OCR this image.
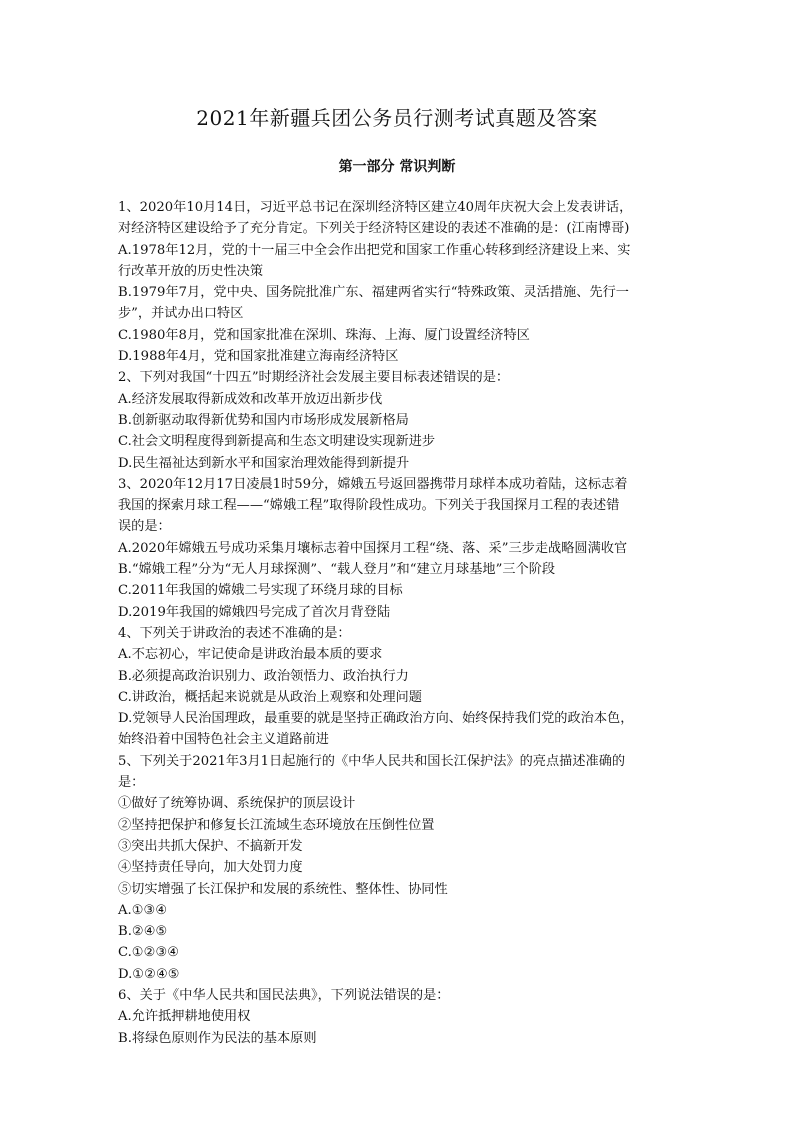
2021年新疆兵团公务员行测考试真题及答案
第一部分 常识判断
1、2020年10月14日，习近平总书记在深圳经济特区建立40周年庆祝大会上发表讲话，
对经济特区建设给予了充分肯定。下列关于经济特区建设的表述不准确的是：(江南博哥)
A.1978年12月，党的十一届三中全会作出把党和国家工作重心转移到经济建设上来、实
行改革开放的历史性决策
B.1979年7月，党中央、国务院批准广东、福建两省实行“特殊政策、灵活措施、先行一
步”，并试办出口特区
C.1980年8月，党和国家批准在深圳、珠海、上海、厦门设置经济特区
D.1988年4月，党和国家批准建立海南经济特区
2、下列对我国“十四五”时期经济社会发展主要目标表述错误的是：
A.经济发展取得新成效和改革开放迈出新步伐
B.创新驱动取得新优势和国内市场形成发展新格局
C.社会文明程度得到新提高和生态文明建设实现新进步
D.民生福祉达到新水平和国家治理效能得到新提升
3、2020年12月17日凌晨1时59分，嫦娥五号返回器携带月球样本成功着陆，这标志着
我国的探索月球工程——“嫦娥工程”取得阶段性成功。下列关于我国探月工程的表述错
误的是：
A.2020年嫦娥五号成功采集月壤标志着中国探月工程“绕、落、采”三步走战略圆满收官
B.“嫦娥工程”分为“无人月球探测”、“载人登月”和“建立月球基地”三个阶段
C.2011年我国的嫦娥二号实现了环绕月球的目标
D.2019年我国的嫦娥四号完成了首次月背登陆
4、下列关于讲政治的表述不准确的是：
A.不忘初心，牢记使命是讲政治最本质的要求
B.必须提高政治识别力、政治领悟力、政治执行力
C.讲政治，概括起来说就是从政治上观察和处理问题
D.党领导人民治国理政，最重要的就是坚持正确政治方向、始终保持我们党的政治本色，
始终沿着中国特色社会主义道路前进
5、下列关于2021年3月1日起施行的《中华人民共和国长江保护法》的亮点描述准确的
是：
①做好了统筹协调、系统保护的顶层设计
②坚持把保护和修复长江流域生态环境放在压倒性位置
③突出共抓大保护、不搞新开发
④坚持责任导向，加大处罚力度
⑤切实增强了长江保护和发展的系统性、整体性、协同性
A.①③④
B.②④⑤
C.①②③④
D.①②④⑤
6、关于《中华人民共和国民法典》，下列说法错误的是：
A.允许抵押耕地使用权
B.将绿色原则作为民法的基本原则
